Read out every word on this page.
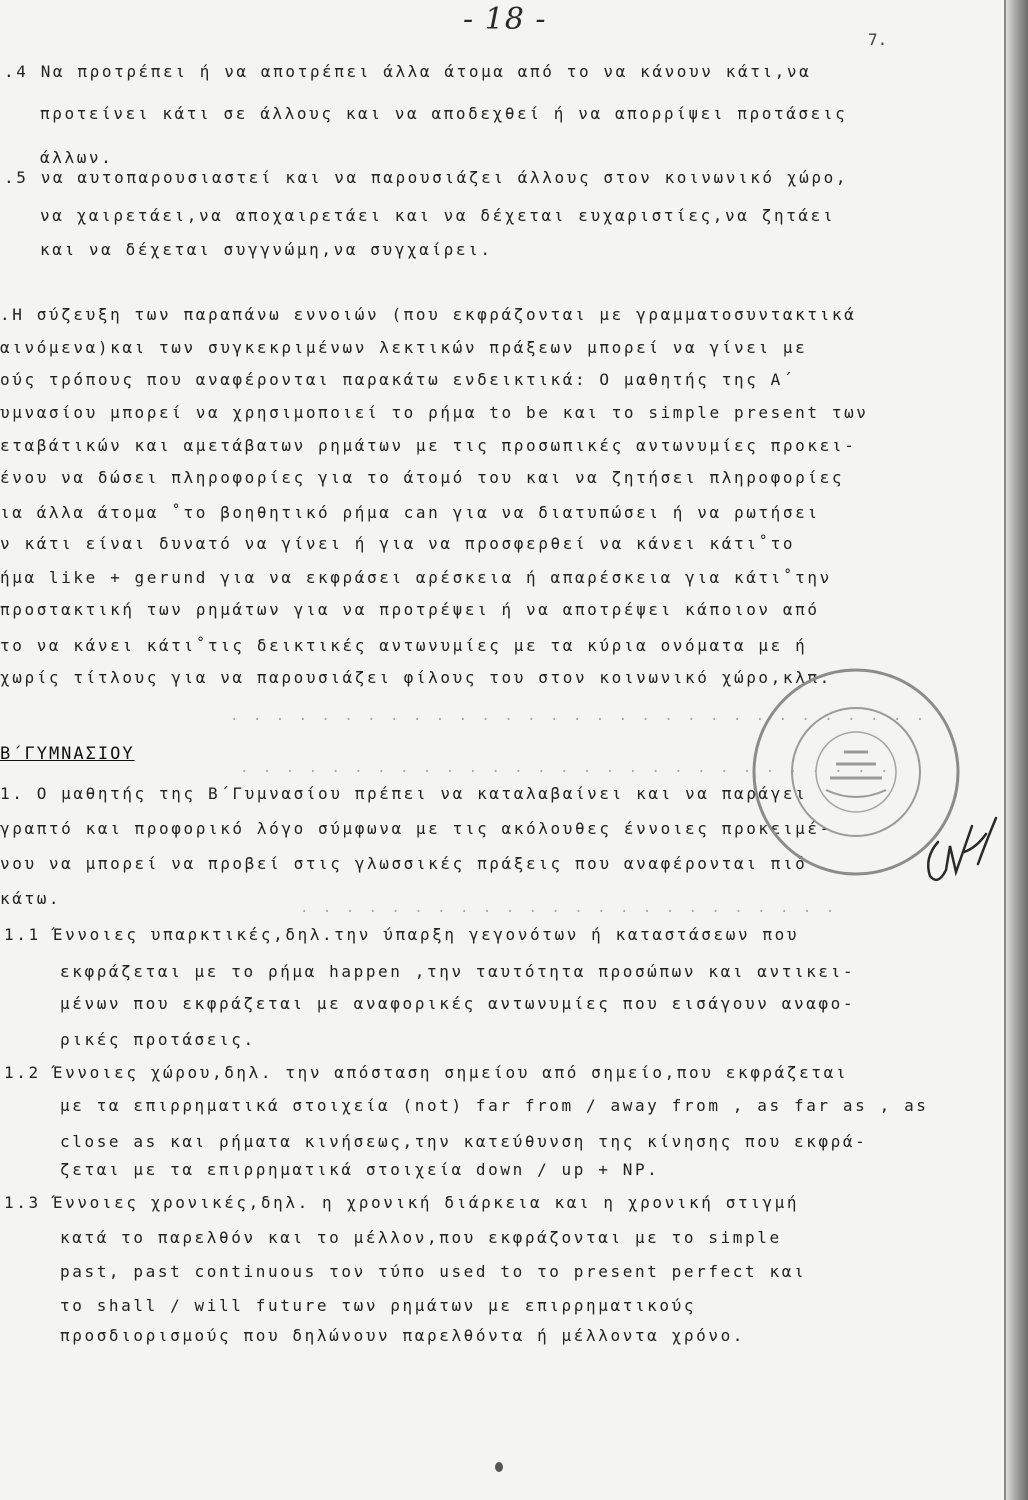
- 18 -
7.
.4 Να προτρέπει ή να αποτρέπει άλλα άτομα από το να κάνουν κάτι,να
προτείνει κάτι σε άλλους και να αποδεχθεί ή να απορρίψει προτάσεις
άλλων.
.5 να αυτοπαρουσιαστεί και να παρουσιάζει άλλους στον κοινωνικό χώρο,
να χαιρετάει,να αποχαιρετάει και να δέχεται ευχαριστίες,να ζητάει
και να δέχεται συγγνώμη,να συγχαίρει.
.Η σύζευξη των παραπάνω εννοιών (που εκφράζονται με γραμματοσυντακτικά
αινόμενα)και των συγκεκριμένων λεκτικών πράξεων μπορεί να γίνει με
ούς τρόπους που αναφέρονται παρακάτω ενδεικτικά: Ο μαθητής της Α΄
υμνασίου μπορεί να χρησιμοποιεί το ρήμα to be και το simple present των
εταβάτικών και αμετάβατων ρημάτων με τις προσωπικές αντωνυμίες προκει-
ένου να δώσει πληροφορίες για το άτομό του και να ζητήσει πληροφορίες
ια άλλα άτομα ˚το βοηθητικό ρήμα can για να διατυπώσει ή να ρωτήσει
ν κάτι είναι δυνατό να γίνει ή για να προσφερθεί να κάνει κάτι˚το
ήμα like + gerund για να εκφράσει αρέσκεια ή απαρέσκεια για κάτι˚την
προστακτική των ρημάτων για να προτρέψει ή να αποτρέψει κάποιον από
το να κάνει κάτι˚τις δεικτικές αντωνυμίες με τα κύρια ονόματα με ή
χωρίς τίτλους για να παρουσιάζει φίλους του στον κοινωνικό χώρο,κλπ.
· · · · · · · · · · · · · · · · · · · · · · · · · · · · · · ·
· · · · · · · · · · · · · · · · · · · · · · · · · · · · ·
· · · · · · · · · · · · · · · · · · · · · · · ·
Β΄ΓΥΜΝΑΣΙΟΥ
1. Ο μαθητής της Β΄Γυμνασίου πρέπει να καταλαβαίνει και να παράγει
γραπτό και προφορικό λόγο σύμφωνα με τις ακόλουθες έννοιες προκειμέ-
νου να μπορεί να προβεί στις γλωσσικές πράξεις που αναφέρονται πιό
κάτω.
1.1 Έννοιες υπαρκτικές,δηλ.την ύπαρξη γεγονότων ή καταστάσεων που
εκφράζεται με το ρήμα happen ,την ταυτότητα προσώπων και αντικει-
μένων που εκφράζεται με αναφορικές αντωνυμίες που εισάγουν αναφο-
ρικές προτάσεις.
1.2 Έννοιες χώρου,δηλ. την απόσταση σημείου από σημείο,που εκφράζεται
με τα επιρρηματικά στοιχεία (not) far from / away from , as far as , as
close as και ρήματα κινήσεως,την κατεύθυνση της κίνησης που εκφρά-
ζεται με τα επιρρηματικά στοιχεία down / up + NP.
1.3 Έννοιες χρονικές,δηλ. η χρονική διάρκεια και η χρονική στιγμή
κατά το παρελθόν και το μέλλον,που εκφράζονται με το simple
past, past continuous τον τύπο used to το present perfect και
το shall / will future των ρημάτων με επιρρηματικούς
προσδιορισμούς που δηλώνουν παρελθόντα ή μέλλοντα χρόνο.
